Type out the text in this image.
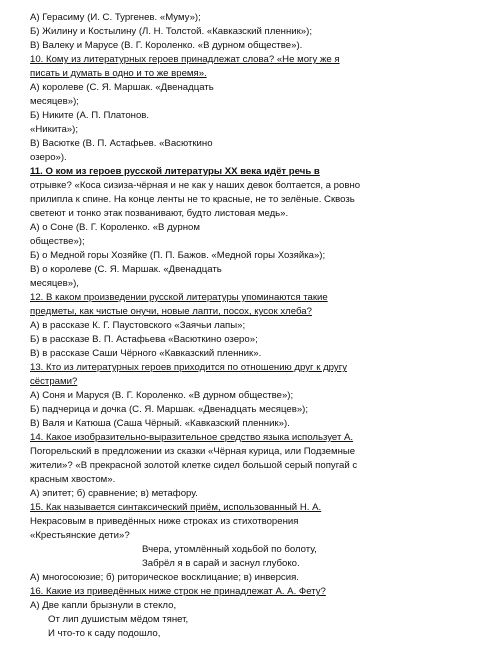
А) Герасиму (И. С. Тургенев. «Муму»);
Б) Жилину и Костылину (Л. Н. Толстой. «Кавказский пленник»);
В) Валеку и Марусе (В. Г. Короленко. «В дурном обществе»).
10. Кому из литературных героев принадлежат слова? «Не могу же я
писать и думать в одно и то же время».
А) королеве (С. Я. Маршак. «Двенадцать
месяцев»);
Б) Никите (А. П. Платонов.
«Никита»);
В) Васютке (В. П. Астафьев. «Васюткино
озеро»).
11. О ком из героев русской литературы XX века идёт речь в
отрывке? «Коса сизиза-чёрная и не как у наших девок болтается, а ровно
прилипла к спине. На конце ленты не то красные, не то зелёные. Сквозь
светеют и тонко этак позванивают, будто листовая медь».
А) о Соне (В. Г. Короленко. «В дурном
обществе»);
Б) о Медной горы Хозяйке (П. П. Бажов. «Медной горы Хозяйка»);
В) о королеве (С. Я. Маршак. «Двенадцать
месяцев»),
12. В каком произведении русской литературы упоминаются такие
предметы, как чистые онучи, новые лапти, посох, кусок хлеба?
А) в рассказе К. Г. Паустовского «Заячьи лапы»;
Б) в рассказе В. П. Астафьева «Васюткино озеро»;
В) в рассказе Саши Чёрного «Кавказский пленник».
13. Кто из литературных героев приходится по отношению друг к другу
сёстрами?
А) Соня и Маруся (В. Г. Короленко. «В дурном обществе»);
Б) падчерица и дочка (С. Я. Маршак. «Двенадцать месяцев»);
В) Валя и Катюша (Саша Чёрный. «Кавказский пленник»).
14. Какое изобразительно-выразительное средство языка использует А.
Погорельский в предложении из сказки «Чёрная курица, или Подземные
жители»? «В прекрасной золотой клетке сидел большой серый попугай с
красным хвостом».
А) эпитет; б) сравнение; в) метафору.
15. Как называется синтаксический приём, использованный Н. А.
Некрасовым в приведённых ниже строках из стихотворения
«Крестьянские дети»?
Вчера, утомлённый ходьбой по болоту,
Забрёл я в сарай и заснул глубоко.
А) многосоюзие; б) риторическое восклицание; в) инверсия.
16. Какие из приведённых ниже строк не принадлежат А. А. Фету?
А) Две капли брызнули в стекло,
От лип душистым мёдом тянет,
И что-то к саду подошло,
